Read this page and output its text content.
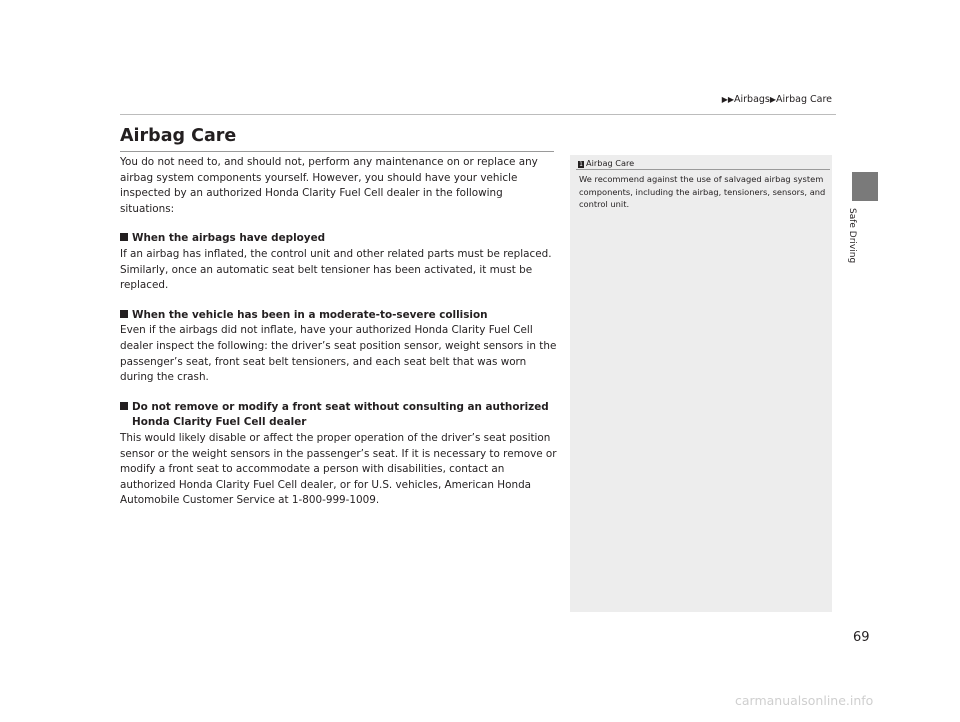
▶▶Airbags▶Airbag Care
Safe Driving
Airbag Care

You do not need to, and should not, perform any maintenance on or replace any airbag system components yourself. However, you should have your vehicle inspected by an authorized Honda Clarity Fuel Cell dealer in the following situations:

When the airbags have deployed

If an airbag has inflated, the control unit and other related parts must be replaced. Similarly, once an automatic seat belt tensioner has been activated, it must be replaced.

When the vehicle has been in a moderate-to-severe collision

Even if the airbags did not inflate, have your authorized Honda Clarity Fuel Cell dealer inspect the following: the driver’s seat position sensor, weight sensors in the passenger’s seat, front seat belt tensioners, and each seat belt that was worn during the crash.

Do not remove or modify a front seat without consulting an authorized Honda Clarity Fuel Cell dealer

This would likely disable or affect the proper operation of the driver’s seat position sensor or the weight sensors in the passenger’s seat. If it is necessary to remove or modify a front seat to accommodate a person with disabilities, contact an authorized Honda Clarity Fuel Cell dealer, or for U.S. vehicles, American Honda Automobile Customer Service at 1-800-999-1009.

1 Airbag Care

We recommend against the use of salvaged airbag system components, including the airbag, tensioners, sensors, and control unit.

69
carmanualsonline.info
